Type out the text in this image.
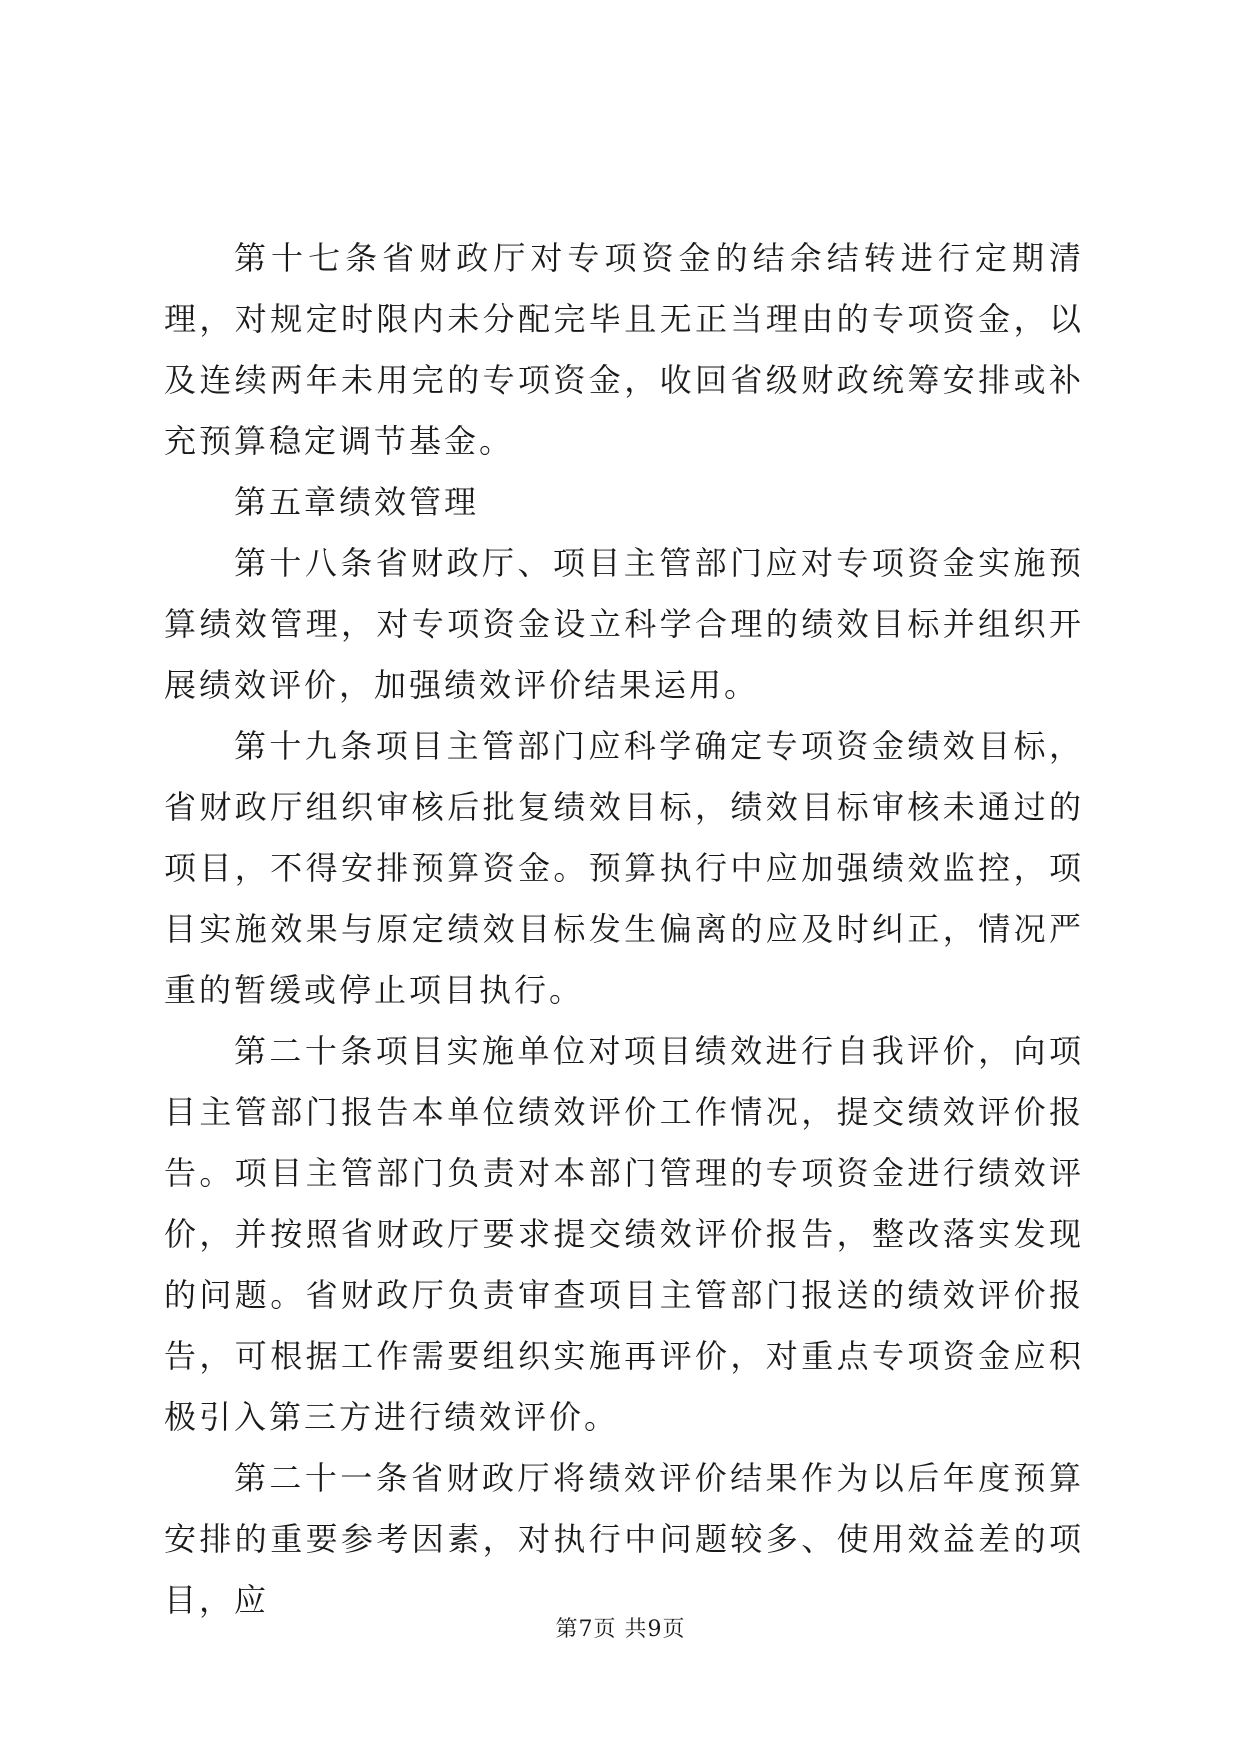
第十七条省财政厅对专项资金的结余结转进行定期清理，对规定时限内未分配完毕且无正当理由的专项资金，以及连续两年未用完的专项资金，收回省级财政统筹安排或补充预算稳定调节基金。

第五章绩效管理

第十八条省财政厅、项目主管部门应对专项资金实施预算绩效管理，对专项资金设立科学合理的绩效目标并组织开展绩效评价，加强绩效评价结果运用。

第十九条项目主管部门应科学确定专项资金绩效目标，省财政厅组织审核后批复绩效目标，绩效目标审核未通过的项目，不得安排预算资金。预算执行中应加强绩效监控，项目实施效果与原定绩效目标发生偏离的应及时纠正，情况严重的暂缓或停止项目执行。

第二十条项目实施单位对项目绩效进行自我评价，向项目主管部门报告本单位绩效评价工作情况，提交绩效评价报告。项目主管部门负责对本部门管理的专项资金进行绩效评价，并按照省财政厅要求提交绩效评价报告，整改落实发现的问题。省财政厅负责审查项目主管部门报送的绩效评价报告，可根据工作需要组织实施再评价，对重点专项资金应积极引入第三方进行绩效评价。

第二十一条省财政厅将绩效评价结果作为以后年度预算安排的重要参考因素，对执行中问题较多、使用效益差的项目，应

第7页 共9页
